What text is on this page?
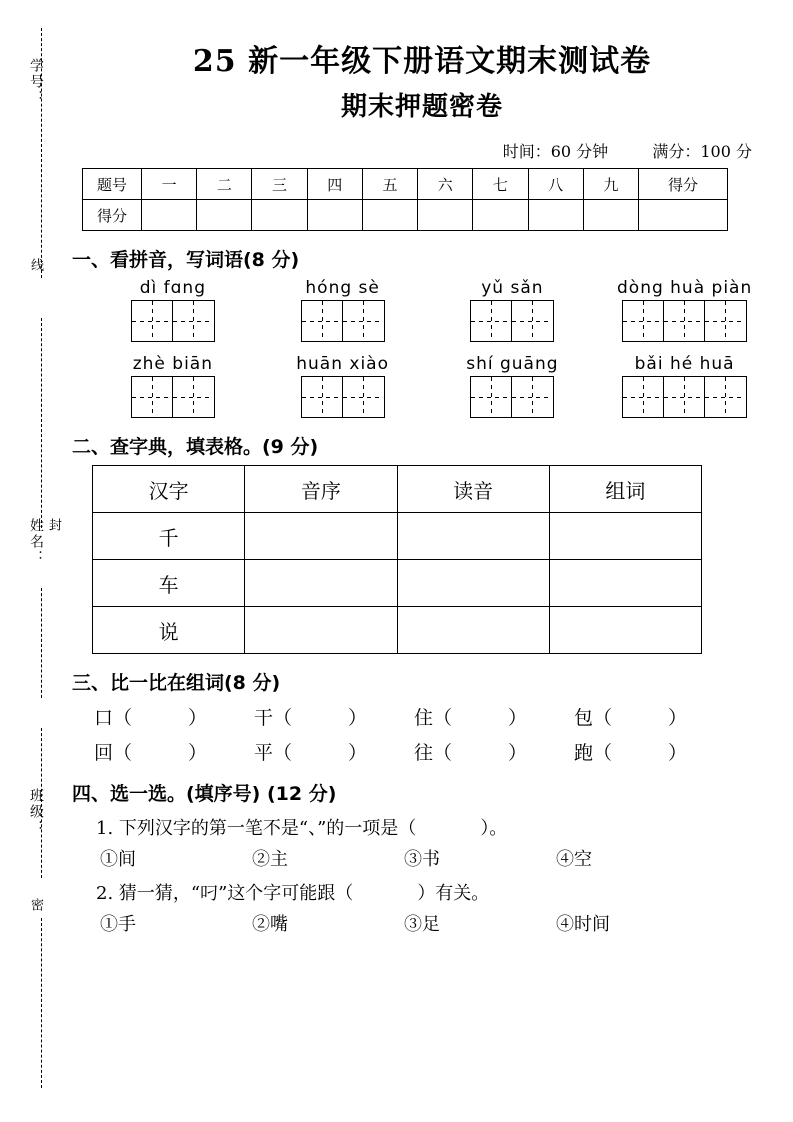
学号：
线
姓名： 封
班级：
密
25 新一年级下册语文期末测试卷
期末押题密卷
时间：60 分钟	满分：100 分
题号	一	二	三	四	五	六	七	八	九	得分
得分										
一、看拼音，写词语(8 分)
dì fɑng	hóng sè	yǔ sǎn	dòng huà piàn
zhè biān	huān xiào	shí guāng	bǎi hé huā
二、查字典，填表格。(9 分)
汉字	音序	读音	组词
千			
车			
说			
三、比一比在组词(8 分)
口（	）	干（	）	住（	）	包（	）
回（	）	平（	）	往（	）	跑（	）
四、选一选。(填序号) (12 分)
1. 下列汉字的第一笔不是“、”的一项是（	）。
①间	②主	③书	④空
2. 猜一猜，“叼”这个字可能跟（	）有关。
①手	②嘴	③足	④时间
